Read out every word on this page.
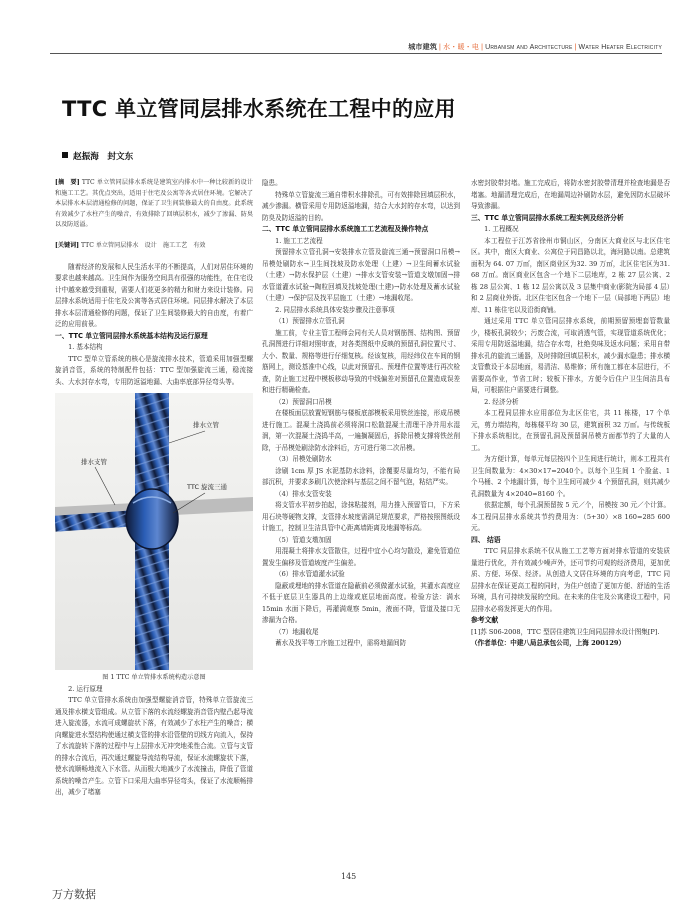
城市建筑 | 水・暖・电 | Urbanism and Architecture | Water Heater Electricity
TTC 单立管同层排水系统在工程中的应用
赵振海　封文东

[摘　要] TTC 单立管同层排水系统是建筑室内排水中一种比较新的设计和施工工艺。其优点突出，适用于住宅及公寓等各式居住环境。它解决了本层排水本层清通检修的问题，保证了卫生间装修最大的自由度。此系统有效减少了水柱产生的噪音，有效排除了回填层积水，减少了渗漏、防臭以及防返溢。

[关键词] TTC 单立管同层排水　设计　施工工艺　有效

随着经济的发展和人民生活水平的不断提高，人们对居住环境的要求也越来越高。卫生间作为服务空间具有很强的功能性，在住宅设计中越来越受到重视，需要人们花更多的精力和财力来设计装修。同层排水系统适用于住宅及公寓等各式居住环境。同层排水解决了本层排水本层清通检修的问题，保证了卫生间装修最大的自由度，有着广泛的应用前景。

一、TTC 单立管同层排水系统基本结构及运行原理

1. 基本结构

TTC 型单立管系统的核心是旋流排水技术，管道采用加强型螺旋消音管，系统的特制配件包括：TTC 型加强旋流三通，稳流接头、大水封存水弯，专用防返溢地漏、大曲率底部异径弯头等。

排水支管
TTC 旋流三通
排水立管

图 1 TTC 单立管排水系统构造示意图

2. 运行原理

TTC 单立管排水系统由加强型螺旋消音管，特殊单立管旋流三通及排水横支管组成。从立管下落的水流经螺旋消音管内壁凸起导流进入旋流器，水流可成螺旋状下落，有效减少了水柱产生的噪音；横向螺旋进水型结构使通过横支管的排水沿管壁的切线方向流入，保持了水流旋转下落的过程中与上层排水无冲突地柔性合流。立管与支管的排水合流后，再次通过螺旋导流结构导流，保证水流螺旋状下落，使水流顺畅地流入下水管。从而极大地减少了水流撞击，降低了管道系统的噪音产生。立管下口采用大曲率异径弯头，保证了水流顺畅排出，减少了堵塞

隐患。

特殊单立管旋流三通自带积水排除孔，可有效排除回填层积水，减少渗漏。横管采用专用防返溢地漏，结合大水封的存水弯，以达到防臭及防返溢的目的。

二、TTC 单立管同层排水系统施工工艺流程及操作特点

1. 施工工艺流程

预留排水立管孔洞→安装排水立管及旋流三通→预留洞口吊模→吊模处刷防水→卫生间找坡及防水处理（上建）→卫生间蓄水试验（土建）→防水保护层（土建）→排水支管安装→管道支墩加固→排水管道灌水试验→陶粒回填及找坡处理(土建)→防水处理及蓄水试验（土建）→保护层及找平层施工（土建）→地漏收尾。

2. 同层排水系统具体安装步骤及注意事项

（1）预留排水立管孔洞

施工前，专业主管工程师会同有关人员对钢筋图、结构图、预留孔洞图进行详细对照审查，对各类图纸中反映的预留孔洞位置尺寸、大小、数量、规格等进行仔细复核。经该复核，用经纬仪在车间的钢筋网上，测设基准中心线，以此对预留孔、预埋件位置等进行再次检查，防止施工过程中模板移动导致的中线偏差对预留孔位置造成误差和进行精确检查。

（2）预留洞口吊模

在楼板面层放置短钢筋与楼板底部模板采用铁丝连接，形成吊模进行施工。混凝土浇捣前必须将洞口松散混凝土清理干净并用水湿润，第一次混凝土浇捣半高，一遍搁凝固后，拆除吊模支撑将铁丝削除，于吊模处刷涂防水涂料后，方可进行第二次吊模。

（3）吊模处刷防水

涂刷 1cm 厚 JS 水泥基防水涂料，涂覆要尽量均匀，不能有局部沉积，并要求多刷几次使涂料与基层之间不留气泡，粘结严实。

（4）排水支管安装

将支管水平初步拍起，涂抹粘接剂，用力推入预留管口，下方采用石块等硬物支撑，支管排水坡度需满足规范要求，严格按照图纸设计施工，控制卫生洁具管中心距离墙距离及地漏等标高。

（5）管道支墩加固

用混凝土将排水支管散住，过程中宜小心均匀散设，避免管道位置发生偏移及管道坡度产生偏差。

（6）排水管道灌水试验

隐蔽或埋地的排水管道在隐蔽前必须做灌水试验，其灌水高度应不低于底层卫生器具的上边缘或底层地面高度。检验方法：满水 15min 水面下降后，再灌满观察 5min，液面不降，管道及接口无渗漏为合格。

（7）地漏收尾

蓄水及找平等工序施工过程中，需将地漏间防

水密封胶带封堵。施工完成后，将防水密封胶带清理并检查地漏是否堵塞。地漏清理完成后，在地漏周边补刷防水层，避免因防水层破坏导致渗漏。

三、TTC 单立管同层排水系统工程实例及经济分析

1. 工程概况

本工程位于江苏省徐州市铜山区，分南区大商业区与北区住宅区。其中，南区大商业、公寓位于同昌路以北，海河路以南。总建筑面积为 64. 07 万㎡，南区商业区为32. 39 万㎡，北区住宅区为31. 68 万㎡。南区商业区包含一个地下二层地库，2 栋 27 层公寓、2 栋 28 层公寓、1 栋 12 层公寓以及 3 层集中商业(影院为局部 4 层）和 2 层商业外街。北区住宅区包含一个地下一层（局部地下两层）地库、11 栋住宅以及沿街商铺。

通过采用 TTC 单立管同层排水系统，前期预留预埋套管数量少，楼板孔洞较少；污废合流，可取消透气管，实现管道系统优化；采用专用防返溢地漏，结合存水弯，杜绝臭味及返水问题；采用自带排水孔的旋流三通器，及时排除回填层积水，减少漏水隐患；排水横支管敷设于本层地面，易清洁、易维修；所有施工都在本层进行，不需要高作业，节省工时；较板下排水，方便今后住户卫生间洁具布局，可根据住户需要进行调整。

2. 经济分析

本工程同层排水应用部位为北区住宅，共 11 栋楼，17 个单元，剪力墙结构，每栋楼平均 30 层，建筑面积 32 万㎡。与传统板下排水系统相比，在预留孔洞及预留洞吊模方面都节约了大量的人工。

为方便计算，每单元每层按四个卫生间进行统计，则本工程共有卫生间数量为：4×30×17=2040个。以每个卫生间 1 个脸盆、1 个马桶、2 个地漏计算，每个卫生间可减少 4 个预留孔洞，则共减少孔洞数量为 4×2040=8160 个。

依据定额，每个孔洞预留按 5 元／个，吊模按 30 元／个计算。本工程同层排水系统共节约费用为：（5+30）×8 160=285 600 元。

四、 结语

TTC 同层排水系统不仅从施工工艺等方面对排水管道的安装质量进行优化，并有效减少噪声外，还可节约可观的经济费用，更加优质、方便、环保、经济。从创造人文居住环境的方向考虑，TTC 同层排水在保证更高工程的同时，为住户创造了更加方便、舒适的生活环境，具有可持续发展的空间。在未来的住宅及公寓建设工程中，同层排水必将发挥更大的作用。

参考文献

[1]苏 S06-2008，TTC 型居住建筑卫生间同层排水设计图集[P].

（作者单位：中建八局总承包公司，上海 200129）

145
万方数据
